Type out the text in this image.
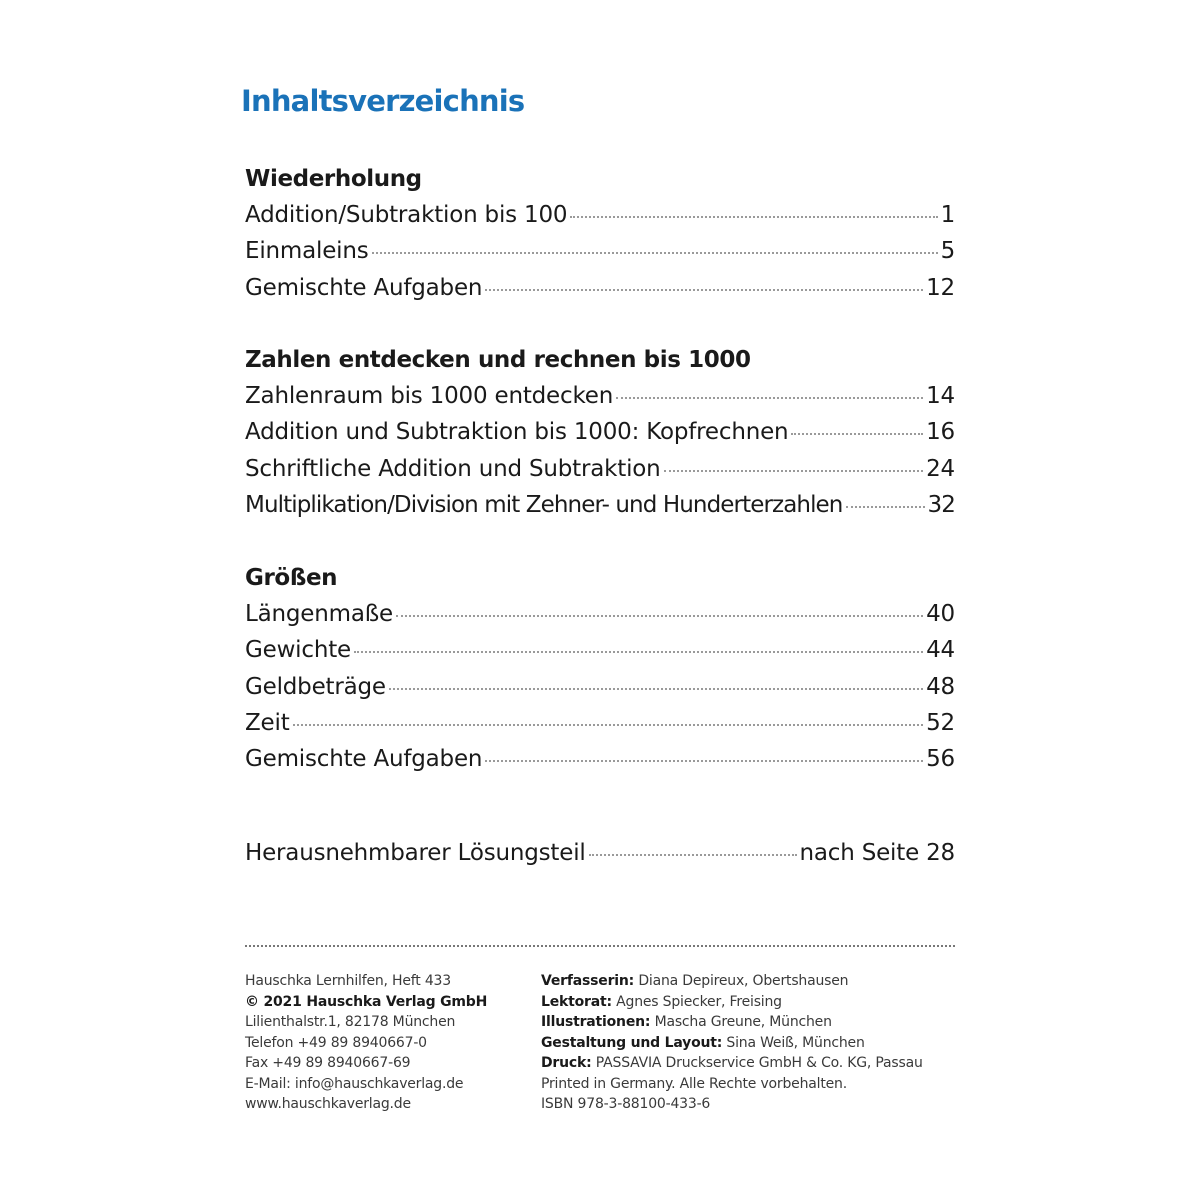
Inhaltsverzeichnis
Wiederholung
Addition/Subtraktion bis 100	1
Einmaleins	5
Gemischte Aufgaben	12
Zahlen entdecken und rechnen bis 1000
Zahlenraum bis 1000 entdecken	14
Addition und Subtraktion bis 1000: Kopfrechnen	16
Schriftliche Addition und Subtraktion	24
Multiplikation/Division mit Zehner- und Hunderterzahlen	32
Größen
Längenmaße	40
Gewichte	44
Geldbeträge	48
Zeit	52
Gemischte Aufgaben	56
Herausnehmbarer Lösungsteil	nach Seite 28
Hauschka Lernhilfen, Heft 433
© 2021 Hauschka Verlag GmbH
Lilienthalstr.1, 82178 München
Telefon +49 89 8940667-0
Fax +49 89 8940667-69
E-Mail: info@hauschkaverlag.de
www.hauschkaverlag.de
Verfasserin: Diana Depireux, Obertshausen
Lektorat: Agnes Spiecker, Freising
Illustrationen: Mascha Greune, München
Gestaltung und Layout: Sina Weiß, München
Druck: PASSAVIA Druckservice GmbH & Co. KG, Passau
Printed in Germany. Alle Rechte vorbehalten.
ISBN 978-3-88100-433-6
